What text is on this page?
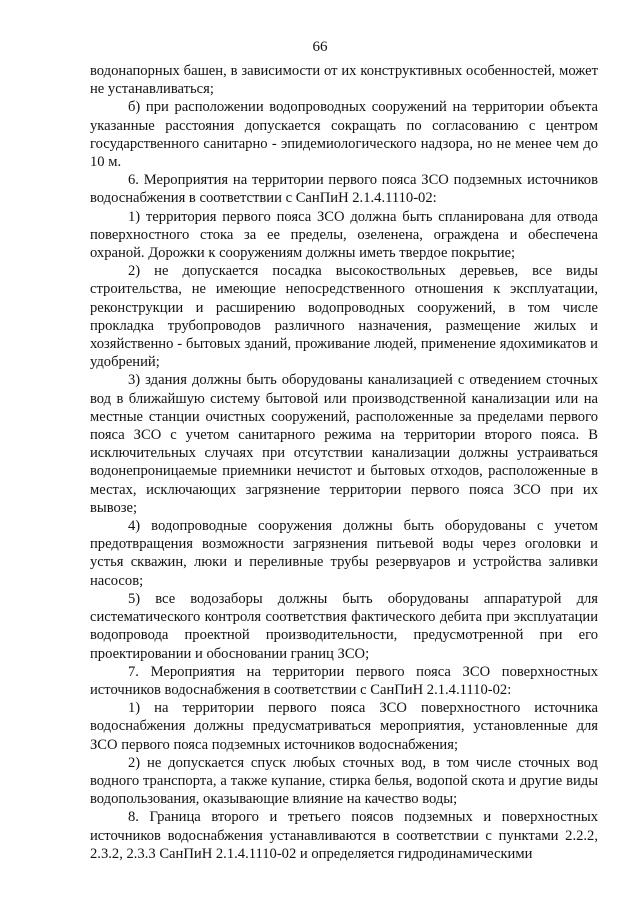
66

водонапорных башен, в зависимости от их конструктивных особенностей, может не устанавливаться;

б) при расположении водопроводных сооружений на территории объекта указанные расстояния допускается сокращать по согласованию с центром государственного санитарно - эпидемиологического надзора, но не менее чем до 10 м.

6. Мероприятия на территории первого пояса ЗСО подземных источников водоснабжения в соответствии с СанПиН 2.1.4.1110-02:

1) территория первого пояса ЗСО должна быть спланирована для отвода поверхностного стока за ее пределы, озеленена, ограждена и обеспечена охраной. Дорожки к сооружениям должны иметь твердое покрытие;

2) не допускается посадка высокоствольных деревьев, все виды строительства, не имеющие непосредственного отношения к эксплуатации, реконструкции и расширению водопроводных сооружений, в том числе прокладка трубопроводов различного назначения, размещение жилых и хозяйственно - бытовых зданий, проживание людей, применение ядохимикатов и удобрений;

3) здания должны быть оборудованы канализацией с отведением сточных вод в ближайшую систему бытовой или производственной канализации или на местные станции очистных сооружений, расположенные за пределами первого пояса ЗСО с учетом санитарного режима на территории второго пояса. В исключительных случаях при отсутствии канализации должны устраиваться водонепроницаемые приемники нечистот и бытовых отходов, расположенные в местах, исключающих загрязнение территории первого пояса ЗСО при их вывозе;

4) водопроводные сооружения должны быть оборудованы с учетом предотвращения возможности загрязнения питьевой воды через оголовки и устья скважин, люки и переливные трубы резервуаров и устройства заливки насосов;

5) все водозаборы должны быть оборудованы аппаратурой для систематического контроля соответствия фактического дебита при эксплуатации водопровода проектной производительности, предусмотренной при его проектировании и обосновании границ ЗСО;

7. Мероприятия на территории первого пояса ЗСО поверхностных источников водоснабжения в соответствии с СанПиН 2.1.4.1110-02:

1) на территории первого пояса ЗСО поверхностного источника водоснабжения должны предусматриваться мероприятия, установленные для ЗСО первого пояса подземных источников водоснабжения;

2) не допускается спуск любых сточных вод, в том числе сточных вод водного транспорта, а также купание, стирка белья, водопой скота и другие виды водопользования, оказывающие влияние на качество воды;

8. Граница второго и третьего поясов подземных и поверхностных источников водоснабжения устанавливаются в соответствии с пунктами 2.2.2, 2.3.2, 2.3.3 СанПиН 2.1.4.1110-02 и определяется гидродинамическими
